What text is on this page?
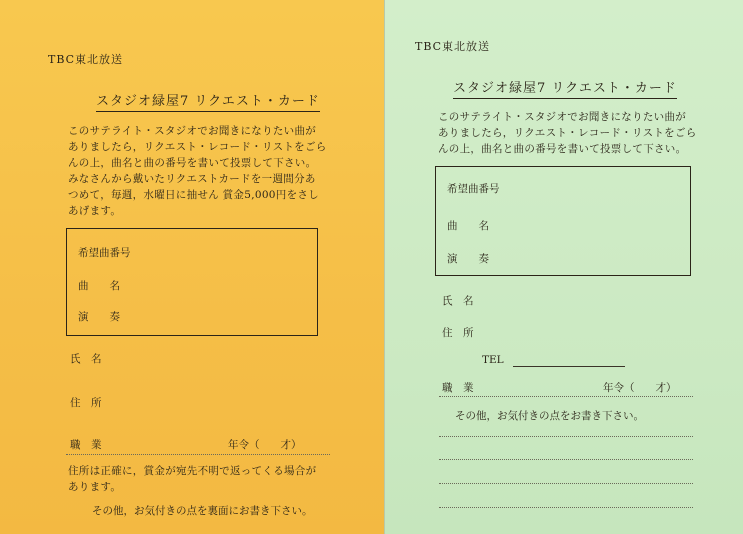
TBC東北放送
スタジオ緑屋7 リクエスト・カード
このサテライト・スタジオでお聞きになりたい曲が
ありましたら，リクエスト・レコード・リストをごら
んの上，曲名と曲の番号を書いて投票して下さい。
みなさんから戴いたリクエストカードを一週間分あ
つめて，毎週，水曜日に抽せん 賞金5,000円をさし
あげます。
希望曲番号
曲　　名
演　　奏
氏　名
住　所
職　業	年令（　　才）
住所は正確に，賞金が宛先不明で返ってくる場合が
あります。
その他，お気付きの点を裏面にお書き下さい。
TBC東北放送
スタジオ緑屋7 リクエスト・カード
このサテライト・スタジオでお聞きになりたい曲が
ありましたら，リクエスト・レコード・リストをごら
んの上，曲名と曲の番号を書いて投票して下さい。
希望曲番号
曲　　名
演　　奏
氏　名
住　所
TEL
職　業	年令（　　才）
その他，お気付きの点をお書き下さい。
